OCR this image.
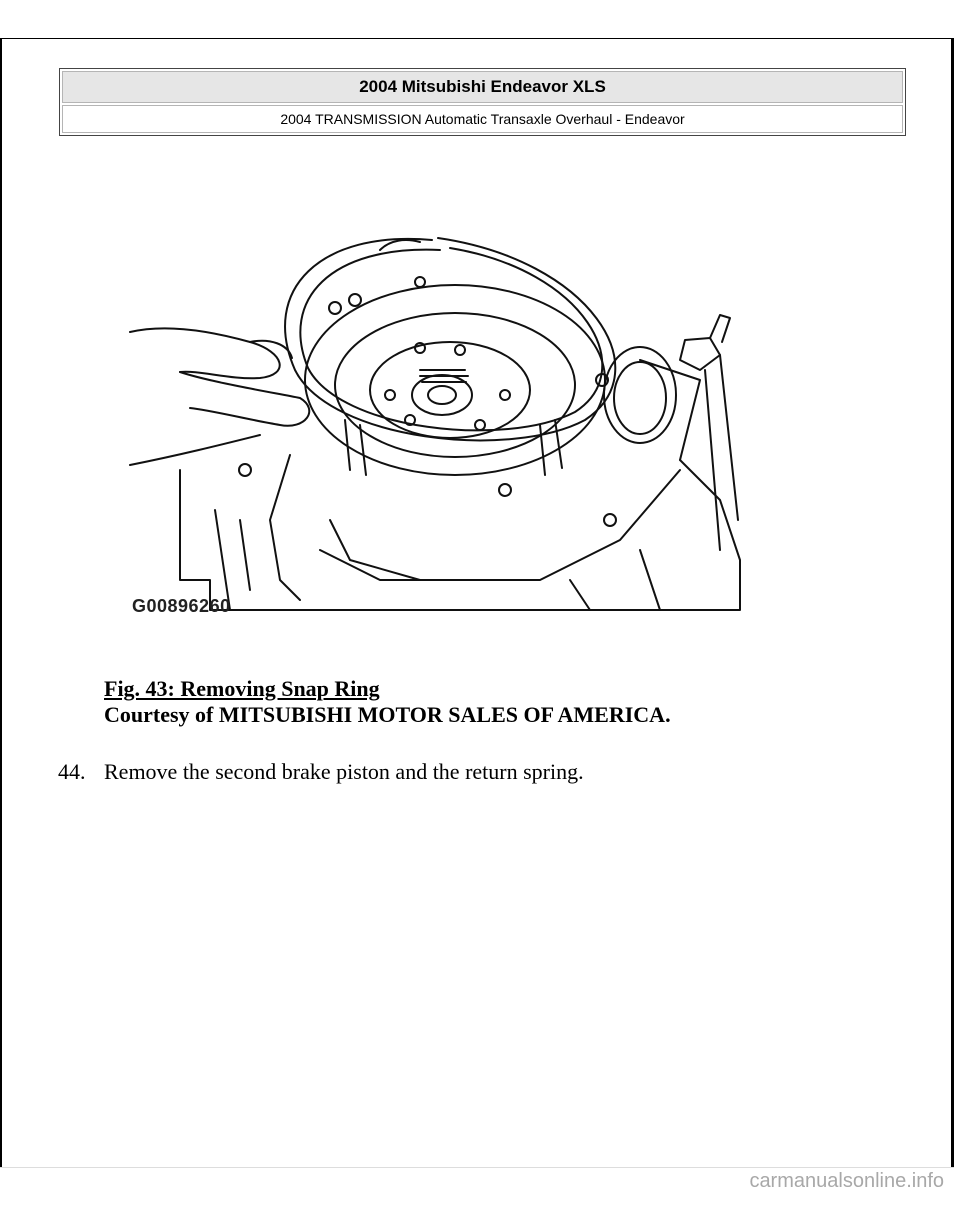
2004 Mitsubishi Endeavor XLS
2004 TRANSMISSION Automatic Transaxle Overhaul - Endeavor
G00896260
Fig. 43: Removing Snap Ring
Courtesy of MITSUBISHI MOTOR SALES OF AMERICA.
44. Remove the second brake piston and the return spring.
carmanualsonline.info
